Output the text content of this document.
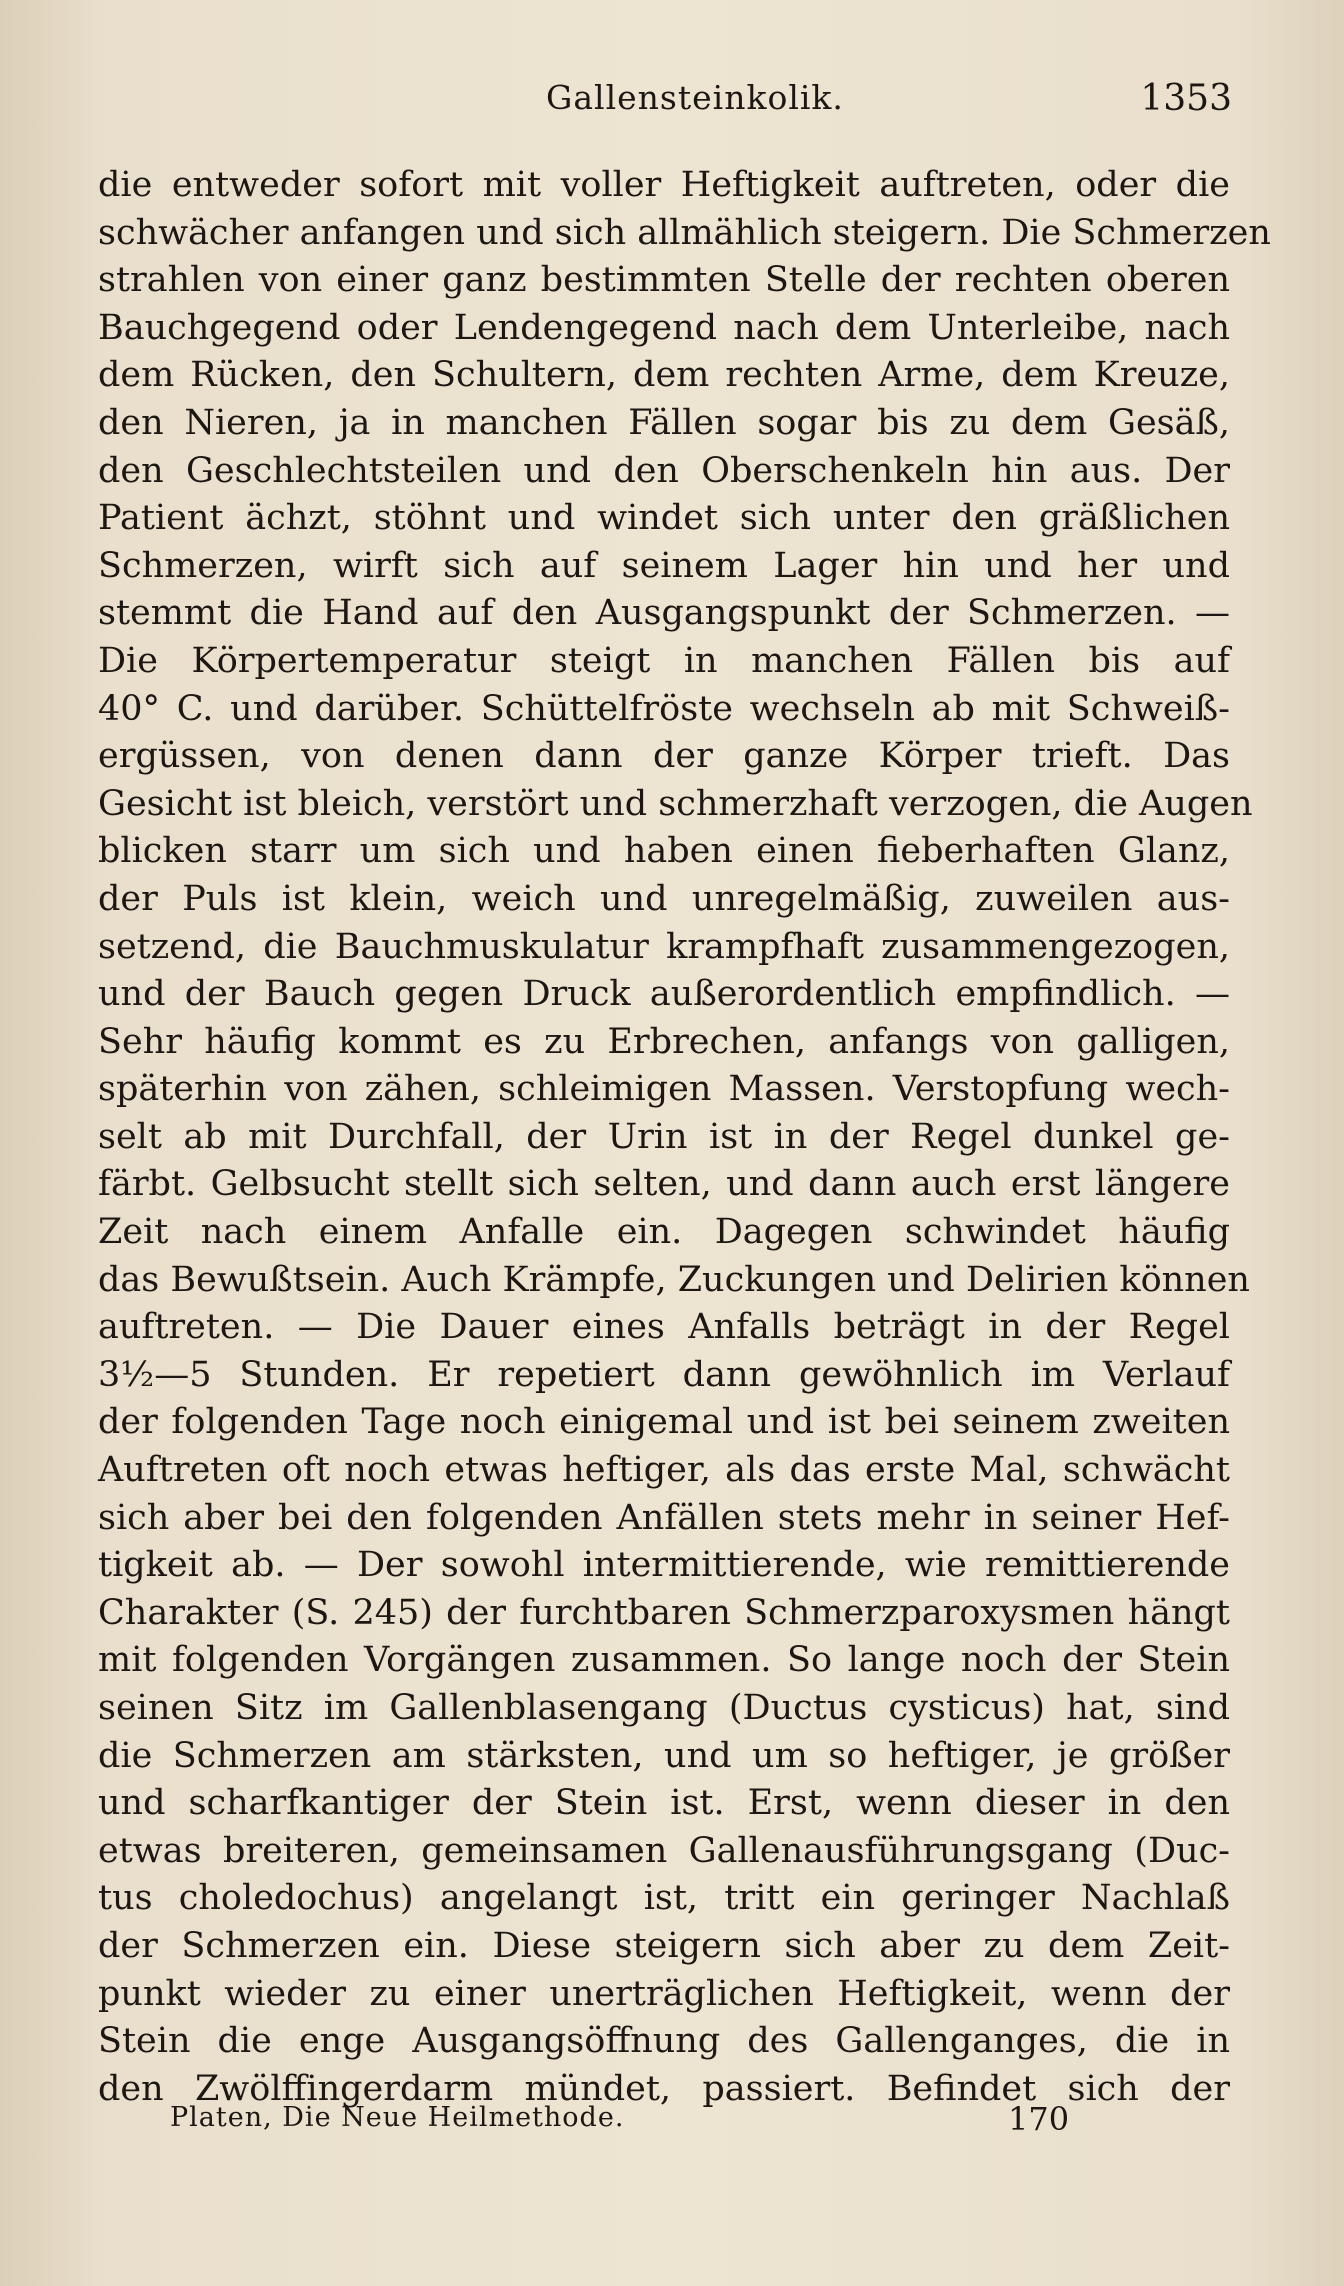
Gallensteinkolik.	1353
die entweder sofort mit voller Heftigkeit auftreten, oder die
schwächer anfangen und sich allmählich steigern. Die Schmerzen
strahlen von einer ganz bestimmten Stelle der rechten oberen
Bauchgegend oder Lendengegend nach dem Unterleibe, nach
dem Rücken, den Schultern, dem rechten Arme, dem Kreuze,
den Nieren, ja in manchen Fällen sogar bis zu dem Gesäß,
den Geschlechtsteilen und den Oberschenkeln hin aus. Der
Patient ächzt, stöhnt und windet sich unter den gräßlichen
Schmerzen, wirft sich auf seinem Lager hin und her und
stemmt die Hand auf den Ausgangspunkt der Schmerzen. —
Die Körpertemperatur steigt in manchen Fällen bis auf
40° C. und darüber. Schüttelfröste wechseln ab mit Schweiß-
ergüssen, von denen dann der ganze Körper trieft. Das
Gesicht ist bleich, verstört und schmerzhaft verzogen, die Augen
blicken starr um sich und haben einen fieberhaften Glanz,
der Puls ist klein, weich und unregelmäßig, zuweilen aus-
setzend, die Bauchmuskulatur krampfhaft zusammengezogen,
und der Bauch gegen Druck außerordentlich empfindlich. —
Sehr häufig kommt es zu Erbrechen, anfangs von galligen,
späterhin von zähen, schleimigen Massen. Verstopfung wech-
selt ab mit Durchfall, der Urin ist in der Regel dunkel ge-
färbt. Gelbsucht stellt sich selten, und dann auch erst längere
Zeit nach einem Anfalle ein. Dagegen schwindet häufig
das Bewußtsein. Auch Krämpfe, Zuckungen und Delirien können
auftreten. — Die Dauer eines Anfalls beträgt in der Regel
3½—5 Stunden. Er repetiert dann gewöhnlich im Verlauf
der folgenden Tage noch einigemal und ist bei seinem zweiten
Auftreten oft noch etwas heftiger, als das erste Mal, schwächt
sich aber bei den folgenden Anfällen stets mehr in seiner Hef-
tigkeit ab. — Der sowohl intermittierende, wie remittierende
Charakter (S. 245) der furchtbaren Schmerzparoxysmen hängt
mit folgenden Vorgängen zusammen. So lange noch der Stein
seinen Sitz im Gallenblasengang (Ductus cysticus) hat, sind
die Schmerzen am stärksten, und um so heftiger, je größer
und scharfkantiger der Stein ist. Erst, wenn dieser in den
etwas breiteren, gemeinsamen Gallenausführungsgang (Duc-
tus choledochus) angelangt ist, tritt ein geringer Nachlaß
der Schmerzen ein. Diese steigern sich aber zu dem Zeit-
punkt wieder zu einer unerträglichen Heftigkeit, wenn der
Stein die enge Ausgangsöffnung des Gallenganges, die in
den Zwölffingerdarm mündet, passiert. Befindet sich der
Platen, Die Neue Heilmethode.	170
